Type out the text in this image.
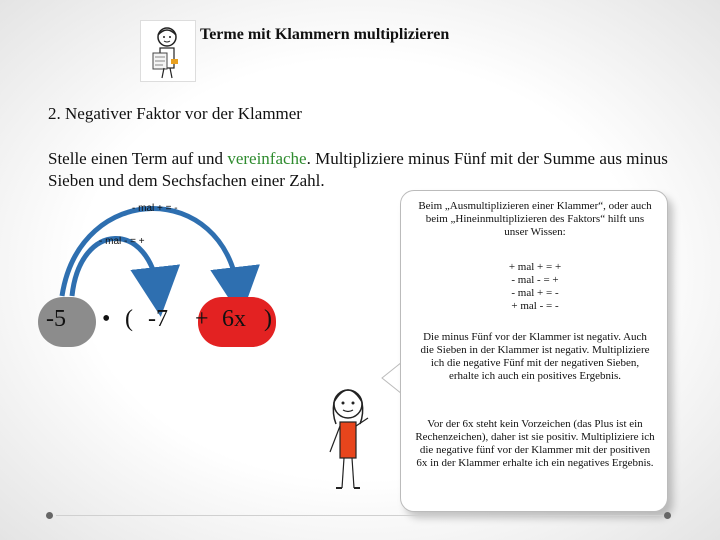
Terme mit Klammern multiplizieren
2. Negativer Faktor vor der Klammer
Stelle einen Term auf und vereinfache. Multipliziere minus Fünf mit der Summe aus minus Sieben und dem Sechsfachen einer Zahl.
- mal + = -
- mal - = +
-5 • ( -7 + 6x )
Beim „Ausmultiplizieren einer Klammer“, oder auch beim „Hineinmultiplizieren des Faktors“ hilft uns unser Wissen:
+ mal + = +
- mal - = +
- mal + = -
+ mal - = -
Die minus Fünf vor der Klammer ist negativ. Auch die Sieben in der Klammer ist negativ. Multipliziere ich die negative Fünf mit der negativen Sieben, erhalte ich auch ein positives Ergebnis.
Vor der 6x steht kein Vorzeichen (das Plus ist ein Rechenzeichen), daher ist sie positiv. Multipliziere ich die negative fünf vor der Klammer mit der positiven 6x in der Klammer erhalte ich ein negatives Ergebnis.
